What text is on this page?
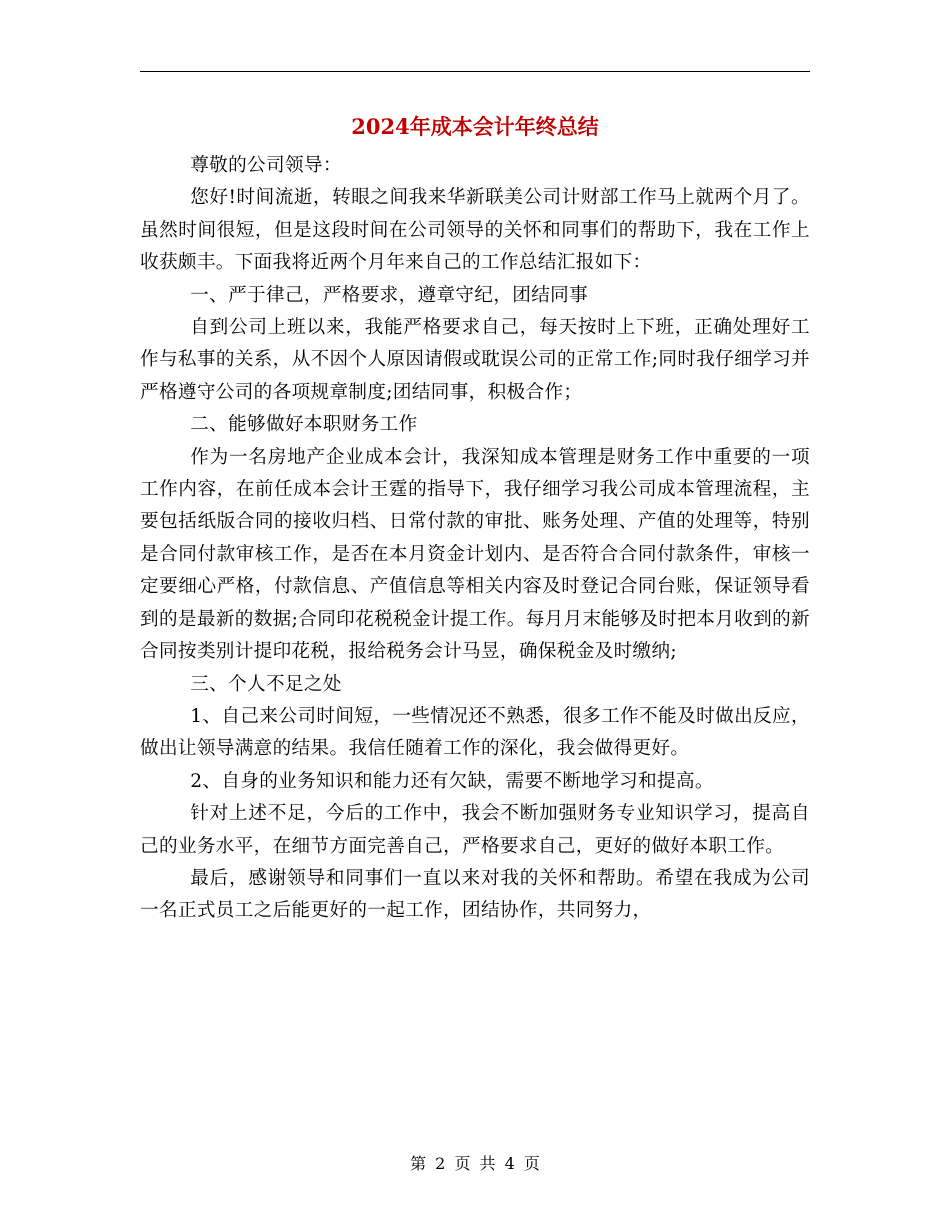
2024年成本会计年终总结

尊敬的公司领导：

您好!时间流逝，转眼之间我来华新联美公司计财部工作马上就两个月了。虽然时间很短，但是这段时间在公司领导的关怀和同事们的帮助下，我在工作上收获颇丰。下面我将近两个月年来自己的工作总结汇报如下：

一、严于律己，严格要求，遵章守纪，团结同事

自到公司上班以来，我能严格要求自己，每天按时上下班，正确处理好工作与私事的关系，从不因个人原因请假或耽误公司的正常工作;同时我仔细学习并严格遵守公司的各项规章制度;团结同事，积极合作；

二、能够做好本职财务工作

作为一名房地产企业成本会计，我深知成本管理是财务工作中重要的一项工作内容，在前任成本会计王霆的指导下，我仔细学习我公司成本管理流程，主要包括纸版合同的接收归档、日常付款的审批、账务处理、产值的处理等，特别是合同付款审核工作，是否在本月资金计划内、是否符合合同付款条件，审核一定要细心严格，付款信息、产值信息等相关内容及时登记合同台账，保证领导看到的是最新的数据;合同印花税税金计提工作。每月月末能够及时把本月收到的新合同按类别计提印花税，报给税务会计马昱，确保税金及时缴纳;

三、个人不足之处

1、自己来公司时间短，一些情况还不熟悉，很多工作不能及时做出反应，做出让领导满意的结果。我信任随着工作的深化，我会做得更好。

2、自身的业务知识和能力还有欠缺，需要不断地学习和提高。

针对上述不足，今后的工作中，我会不断加强财务专业知识学习，提高自己的业务水平，在细节方面完善自己，严格要求自己，更好的做好本职工作。

最后，感谢领导和同事们一直以来对我的关怀和帮助。希望在我成为公司一名正式员工之后能更好的一起工作，团结协作，共同努力，

第 2 页 共 4 页
